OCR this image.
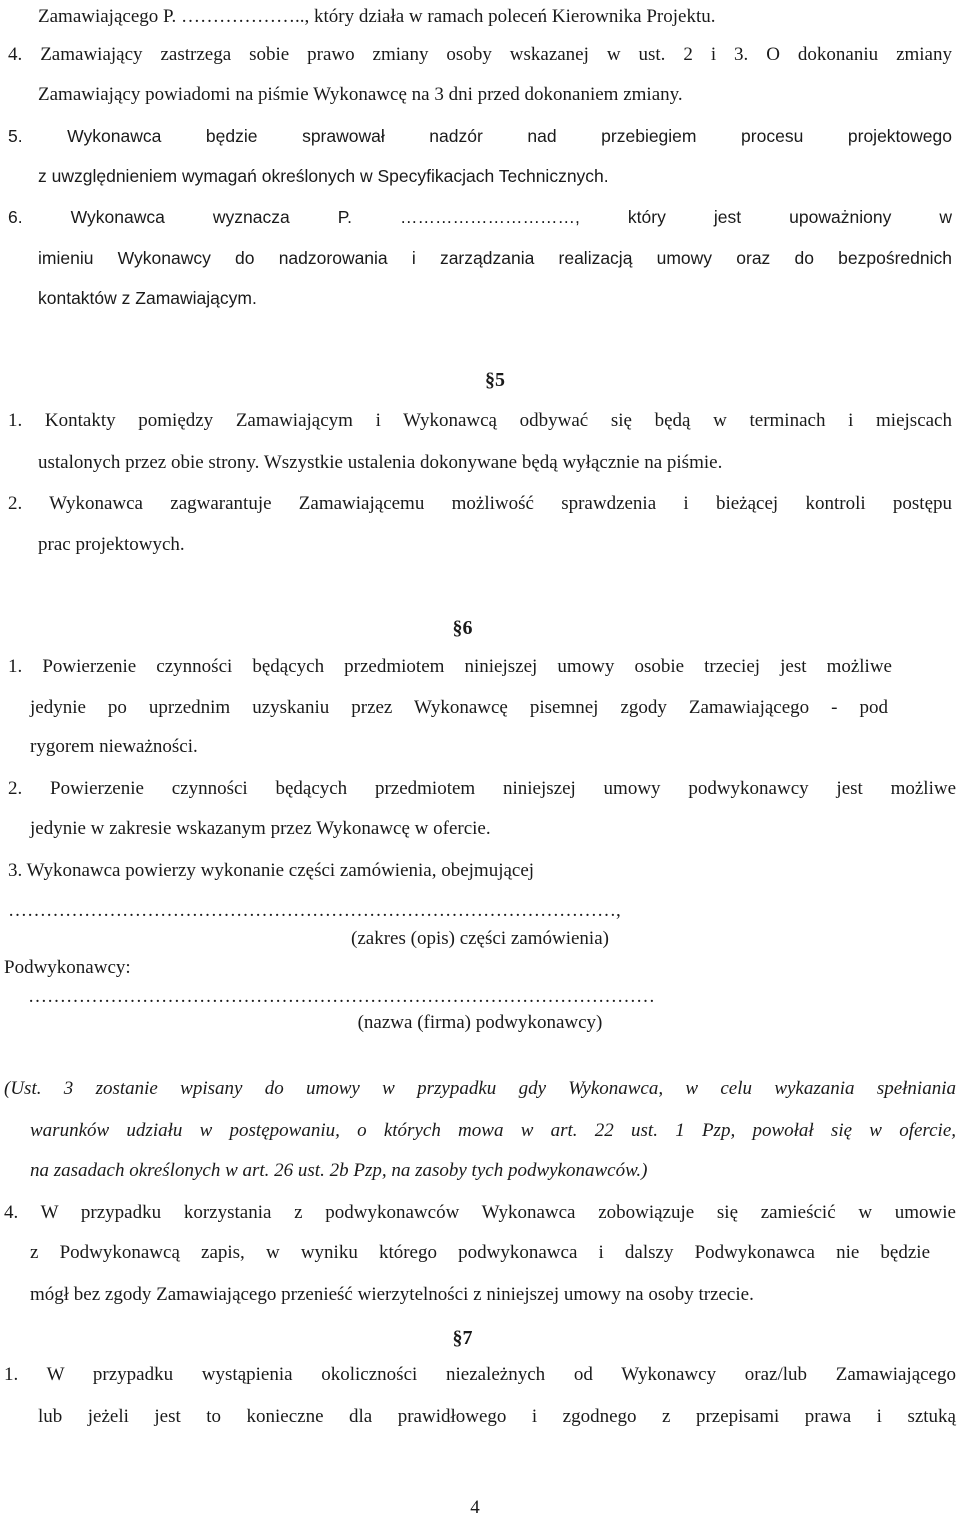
Zamawiającego P. ……………….., który działa w ramach poleceń Kierownika Projektu.
4. Zamawiający zastrzega sobie prawo zmiany osoby wskazanej w ust. 2 i 3. O dokonaniu zmiany
Zamawiający powiadomi na piśmie Wykonawcę na 3 dni przed dokonaniem zmiany.
5. Wykonawca będzie sprawował nadzór nad przebiegiem procesu projektowego
z uwzględnieniem wymagań określonych w Specyfikacjach Technicznych.
6. Wykonawca wyznacza P. …………………………, który jest upoważniony w
imieniu Wykonawcy do nadzorowania i zarządzania realizacją umowy oraz do bezpośrednich
kontaktów z Zamawiającym.
§5
1. Kontakty pomiędzy Zamawiającym i Wykonawcą odbywać się będą w terminach i miejscach
ustalonych przez obie strony. Wszystkie ustalenia dokonywane będą wyłącznie na piśmie.
2. Wykonawca zagwarantuje Zamawiającemu możliwość sprawdzenia i bieżącej kontroli postępu
prac projektowych.
§6
1. Powierzenie czynności będących przedmiotem niniejszej umowy osobie trzeciej jest możliwe
jedynie po uprzednim uzyskaniu przez Wykonawcę pisemnej zgody Zamawiającego - pod
rygorem nieważności.
2. Powierzenie czynności będących przedmiotem niniejszej umowy podwykonawcy jest możliwe
jedynie w zakresie wskazanym przez Wykonawcę w ofercie.
3. Wykonawca powierzy wykonanie części zamówienia, obejmującej
……………………………………………………………………………………,
(zakres (opis) części zamówienia)
Podwykonawcy:
………………………………………………………………………………………
(nazwa (firma) podwykonawcy)
(Ust. 3 zostanie wpisany do umowy w przypadku gdy Wykonawca, w celu wykazania spełniania
warunków udziału w postępowaniu, o których mowa w art. 22 ust. 1 Pzp, powołał się w ofercie,
na zasadach określonych w art. 26 ust. 2b Pzp, na zasoby tych podwykonawców.)
4. W przypadku korzystania z podwykonawców Wykonawca zobowiązuje się zamieścić w umowie
z Podwykonawcą zapis, w wyniku którego podwykonawca i dalszy Podwykonawca nie będzie
mógł bez zgody Zamawiającego przenieść wierzytelności z niniejszej umowy na osoby trzecie.
§7
1. W przypadku wystąpienia okoliczności niezależnych od Wykonawcy oraz/lub Zamawiającego
lub jeżeli jest to konieczne dla prawidłowego i zgodnego z przepisami prawa i sztuką
4
